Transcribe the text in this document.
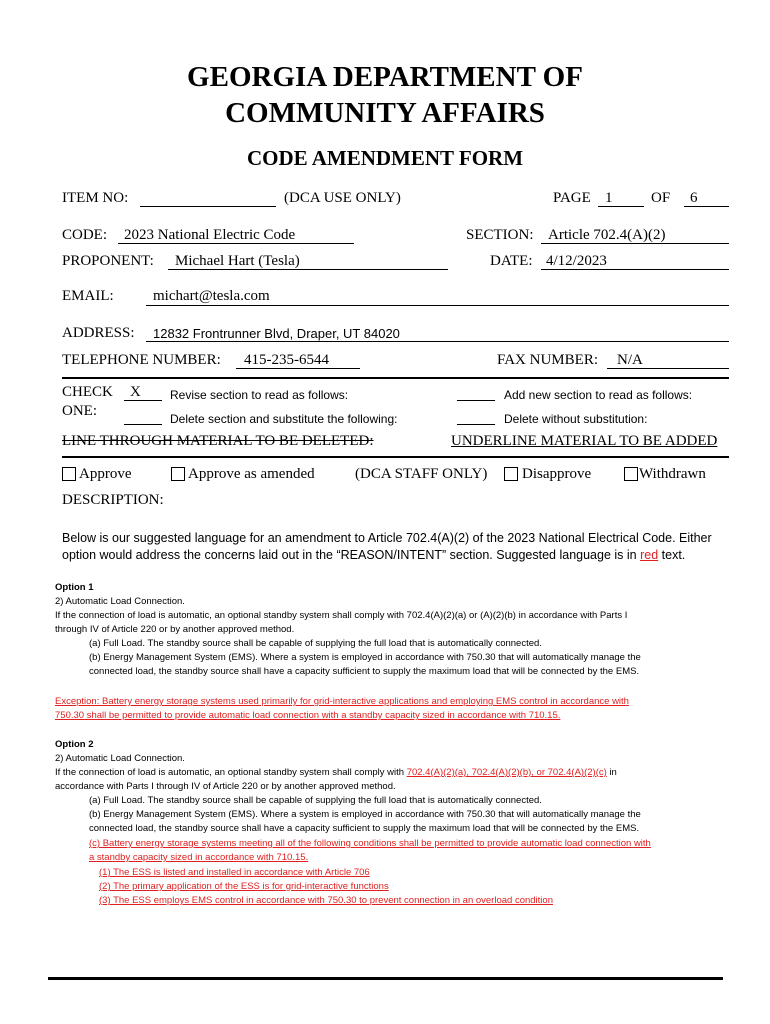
GEORGIA DEPARTMENT OF
COMMUNITY AFFAIRS
CODE AMENDMENT FORM
ITEM NO:	(DCA USE ONLY)	PAGE 1	OF 6
CODE: 2023 National Electric Code	SECTION: Article 702.4(A)(2)
PROPONENT: Michael Hart (Tesla)	DATE: 4/12/2023
EMAIL:	michart@tesla.com
ADDRESS: 12832 Frontrunner Blvd, Draper, UT 84020
TELEPHONE NUMBER: 415-235-6544	FAX NUMBER: N/A
CHECK
ONE:
X Revise section to read as follows:
Delete section and substitute the following:
Add new section to read as follows:
Delete without substitution:
LINE THROUGH MATERIAL TO BE DELETED:	UNDERLINE MATERIAL TO BE ADDED
Approve	Approve as amended	(DCA STAFF ONLY) Disapprove	Withdrawn
DESCRIPTION:
Below is our suggested language for an amendment to Article 702.4(A)(2) of the 2023 National Electrical Code. Either
option would address the concerns laid out in the “REASON/INTENT” section. Suggested language is in red text.
Option 1
2) Automatic Load Connection.
If the connection of load is automatic, an optional standby system shall comply with 702.4(A)(2)(a) or (A)(2)(b) in accordance with Parts I
through IV of Article 220 or by another approved method.
(a) Full Load. The standby source shall be capable of supplying the full load that is automatically connected.
(b) Energy Management System (EMS). Where a system is employed in accordance with 750.30 that will automatically manage the
connected load, the standby source shall have a capacity sufficient to supply the maximum load that will be connected by the EMS.
Exception: Battery energy storage systems used primarily for grid-interactive applications and employing EMS control in accordance with
750.30 shall be permitted to provide automatic load connection with a standby capacity sized in accordance with 710.15.
Option 2
2) Automatic Load Connection.
If the connection of load is automatic, an optional standby system shall comply with 702.4(A)(2)(a), 702.4(A)(2)(b), or 702.4(A)(2)(c) in
accordance with Parts I through IV of Article 220 or by another approved method.
(a) Full Load. The standby source shall be capable of supplying the full load that is automatically connected.
(b) Energy Management System (EMS). Where a system is employed in accordance with 750.30 that will automatically manage the
connected load, the standby source shall have a capacity sufficient to supply the maximum load that will be connected by the EMS.
(c) Battery energy storage systems meeting all of the following conditions shall be permitted to provide automatic load connection with
a standby capacity sized in accordance with 710.15.
(1) The ESS is listed and installed in accordance with Article 706
(2) The primary application of the ESS is for grid-interactive functions
(3) The ESS employs EMS control in accordance with 750.30 to prevent connection in an overload condition
